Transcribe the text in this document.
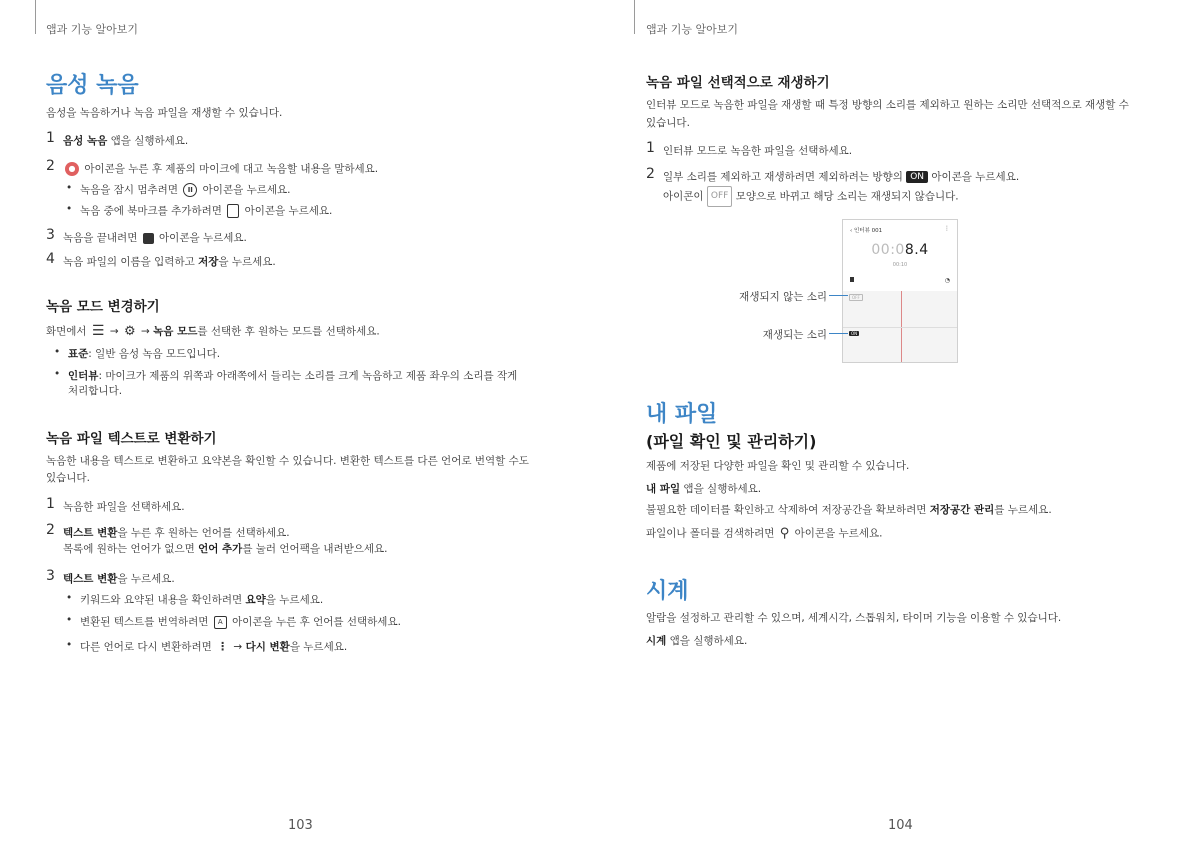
앱과 기능 알아보기
음성 녹음
음성을 녹음하거나 녹음 파일을 재생할 수 있습니다.
1 음성 녹음 앱을 실행하세요.
2 ● 아이콘을 누른 후 제품의 마이크에 대고 녹음할 내용을 말하세요.
• 녹음을 잠시 멈추려면 II 아이콘을 누르세요.
• 녹음 중에 북마크를 추가하려면 아이콘을 누르세요.
3 녹음을 끝내려면 아이콘을 누르세요.
4 녹음 파일의 이름을 입력하고 저장을 누르세요.
녹음 모드 변경하기
화면에서 ☰ → ⚙ → 녹음 모드를 선택한 후 원하는 모드를 선택하세요.
• 표준: 일반 음성 녹음 모드입니다.
• 인터뷰: 마이크가 제품의 위쪽과 아래쪽에서 들리는 소리를 크게 녹음하고 제품 좌우의 소리를 작게
처리합니다.
녹음 파일 텍스트로 변환하기
녹음한 내용을 텍스트로 변환하고 요약본을 확인할 수 있습니다. 변환한 텍스트를 다른 언어로 번역할 수도
있습니다.
1 녹음한 파일을 선택하세요.
2 텍스트 변환을 누른 후 원하는 언어를 선택하세요.
목록에 원하는 언어가 없으면 언어 추가를 눌러 언어팩을 내려받으세요.
3 텍스트 변환을 누르세요.
• 키워드와 요약된 내용을 확인하려면 요약을 누르세요.
• 변환된 텍스트를 번역하려면 A 아이콘을 누른 후 언어를 선택하세요.
• 다른 언어로 다시 변환하려면 ⋮ → 다시 변환을 누르세요.
103
앱과 기능 알아보기
녹음 파일 선택적으로 재생하기
인터뷰 모드로 녹음한 파일을 재생할 때 특정 방향의 소리를 제외하고 원하는 소리만 선택적으로 재생할 수
있습니다.
1 인터뷰 모드로 녹음한 파일을 선택하세요.
2 일부 소리를 제외하고 재생하려면 제외하려는 방향의 ON 아이콘을 누르세요.
아이콘이 OFF 모양으로 바뀌고 해당 소리는 재생되지 않습니다.
‹ 인터뷰 001	⋮
00:08.4
00:10
◔
OFF
ON
재생되지 않는 소리
재생되는 소리
내 파일
(파일 확인 및 관리하기)
제품에 저장된 다양한 파일을 확인 및 관리할 수 있습니다.
내 파일 앱을 실행하세요.
불필요한 데이터를 확인하고 삭제하여 저장공간을 확보하려면 저장공간 관리를 누르세요.
파일이나 폴더를 검색하려면 ⚲ 아이콘을 누르세요.
시계
알람을 설정하고 관리할 수 있으며, 세계시각, 스톱워치, 타이머 기능을 이용할 수 있습니다.
시계 앱을 실행하세요.
104
